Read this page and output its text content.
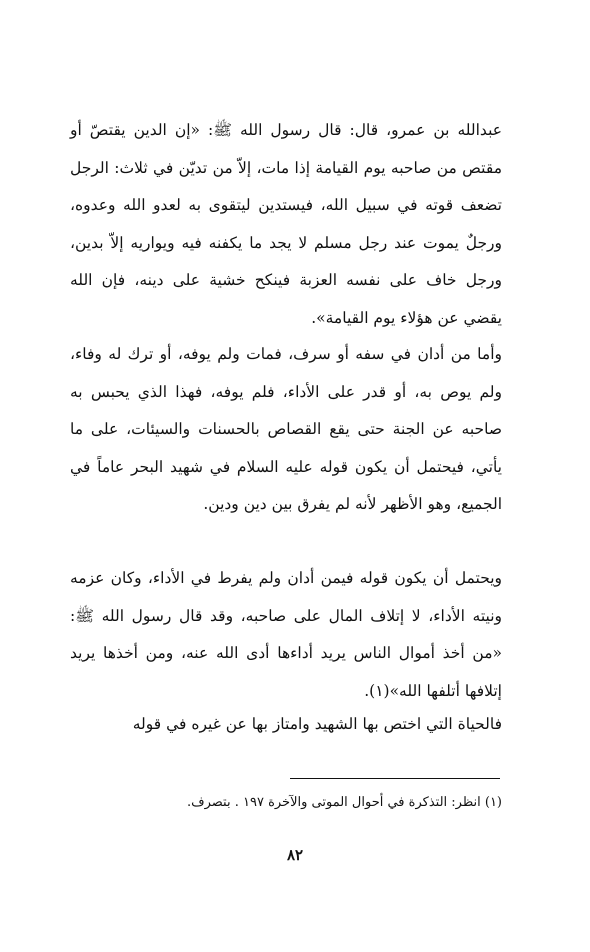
عبدالله بن عمرو، قال: قال رسول الله ﷺ: «إن الدين يقتصّ أو مقتص من صاحبه يوم القيامة إذا مات، إلاّ من تديّن في ثلاث: الرجل تضعف قوته في سبيل الله، فيستدين ليتقوى به لعدو الله وعدوه، ورجلٌ يموت عند رجل مسلم لا يجد ما يكفنه فيه ويواريه إلاّ بدين، ورجل خاف على نفسه العزبة فينكح خشية على دينه، فإن الله يقضي عن هؤلاء يوم القيامة».

وأما من أدان في سفه أو سرف، فمات ولم يوفه، أو ترك له وفاء، ولم يوص به، أو قدر على الأداء، فلم يوفه، فهذا الذي يحبس به صاحبه عن الجنة حتى يقع القصاص بالحسنات والسيئات، على ما يأتي، فيحتمل أن يكون قوله عليه السلام في شهيد البحر عاماً في الجميع، وهو الأظهر لأنه لم يفرق بين دين ودين.

ويحتمل أن يكون قوله فيمن أدان ولم يفرط في الأداء، وكان عزمه ونيته الأداء، لا إتلاف المال على صاحبه، وقد قال رسول الله ﷺ: «من أخذ أموال الناس يريد أداءها أدى الله عنه، ومن أخذها يريد إتلافها أتلفها الله»(١).

فالحياة التي اختص بها الشهيد وامتاز بها عن غيره في قوله

(١) انظر: التذكرة في أحوال الموتى والآخرة ١٩٧ . بتصرف.

٨٢
